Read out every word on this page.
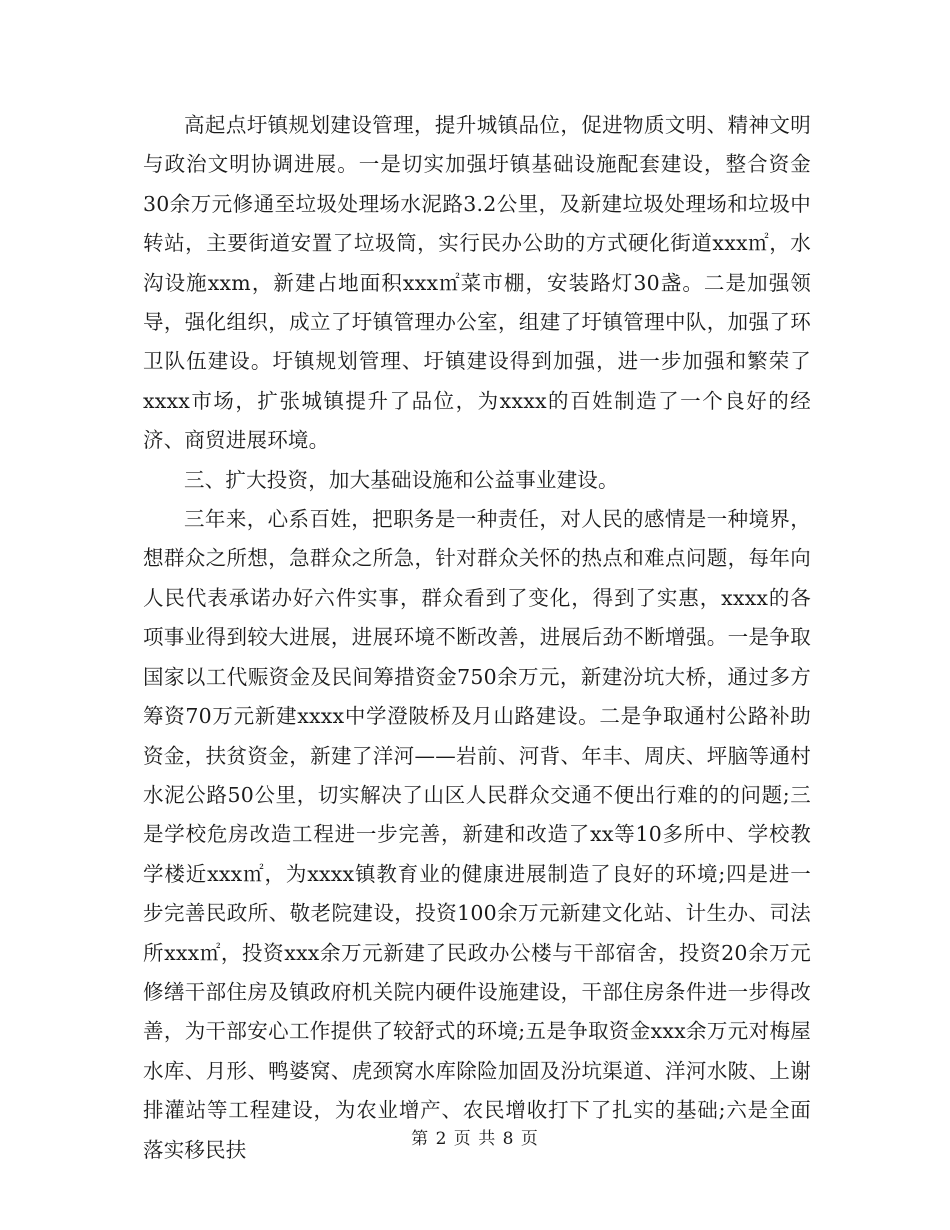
高起点圩镇规划建设管理，提升城镇品位，促进物质文明、精神文明与政治文明协调进展。一是切实加强圩镇基础设施配套建设，整合资金30余万元修通至垃圾处理场水泥路3.2公里，及新建垃圾处理场和垃圾中转站，主要街道安置了垃圾筒，实行民办公助的方式硬化街道xxx㎡，水沟设施xxm，新建占地面积xxx㎡菜市棚，安装路灯30盏。二是加强领导，强化组织，成立了圩镇管理办公室，组建了圩镇管理中队，加强了环卫队伍建设。圩镇规划管理、圩镇建设得到加强，进一步加强和繁荣了xxxx市场，扩张城镇提升了品位，为xxxx的百姓制造了一个良好的经济、商贸进展环境。

三、扩大投资，加大基础设施和公益事业建设。

三年来，心系百姓，把职务是一种责任，对人民的感情是一种境界，想群众之所想，急群众之所急，针对群众关怀的热点和难点问题，每年向人民代表承诺办好六件实事，群众看到了变化，得到了实惠，xxxx的各项事业得到较大进展，进展环境不断改善，进展后劲不断增强。一是争取国家以工代赈资金及民间筹措资金750余万元，新建汾坑大桥，通过多方筹资70万元新建xxxx中学澄陂桥及月山路建设。二是争取通村公路补助资金，扶贫资金，新建了洋河——岩前、河背、年丰、周庆、坪脑等通村水泥公路50公里，切实解决了山区人民群众交通不便出行难的的问题;三是学校危房改造工程进一步完善，新建和改造了xx等10多所中、学校教学楼近xxx㎡，为xxxx镇教育业的健康进展制造了良好的环境;四是进一步完善民政所、敬老院建设，投资100余万元新建文化站、计生办、司法所xxx㎡，投资xxx余万元新建了民政办公楼与干部宿舍，投资20余万元修缮干部住房及镇政府机关院内硬件设施建设，干部住房条件进一步得改善，为干部安心工作提供了较舒式的环境;五是争取资金xxx余万元对梅屋水库、月形、鸭婆窝、虎颈窝水库除险加固及汾坑渠道、洋河水陂、上谢排灌站等工程建设，为农业增产、农民增收打下了扎实的基础;六是全面落实移民扶	第 2 页 共 8 页
